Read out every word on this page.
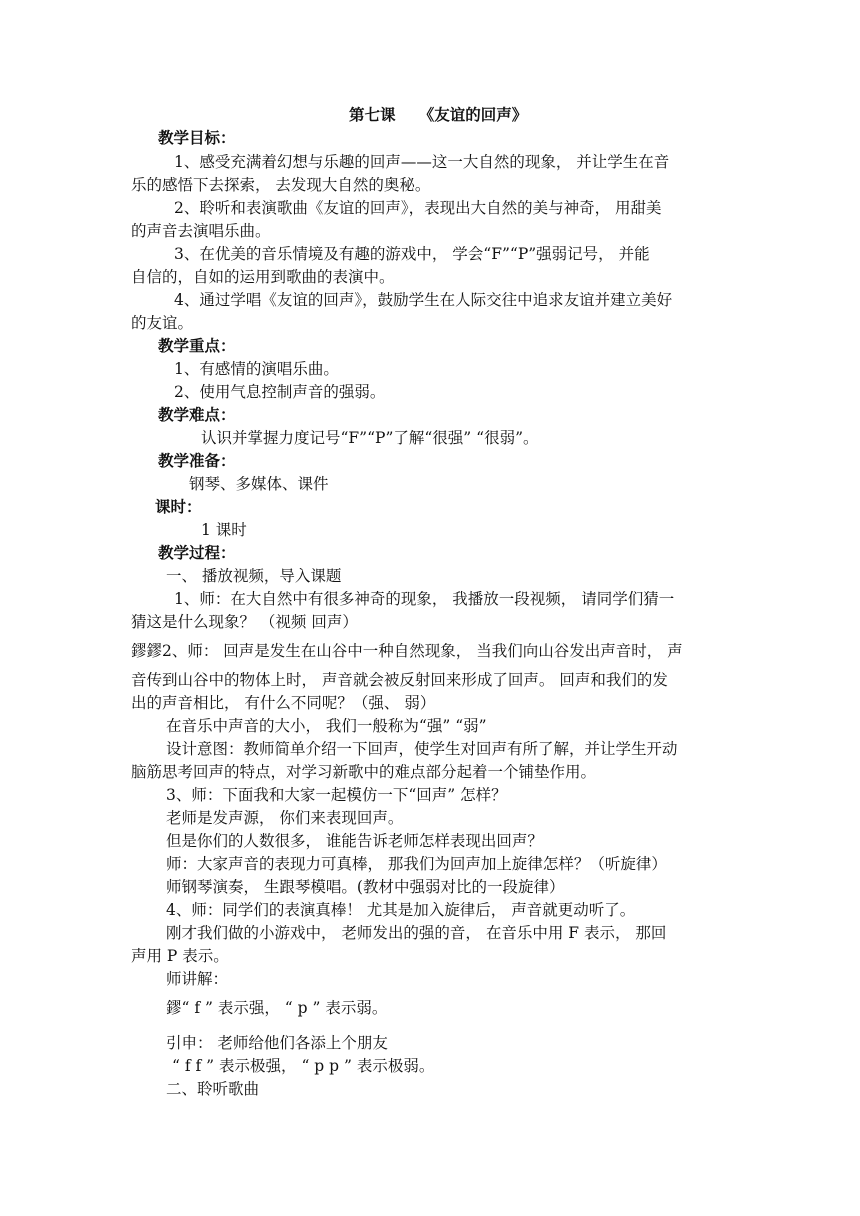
第七课　　《友谊的回声》
教学目标：
1、感受充满着幻想与乐趣的回声——这一大自然的现象， 并让学生在音
乐的感悟下去探索， 去发现大自然的奥秘。
2、聆听和表演歌曲《友谊的回声》，表现出大自然的美与神奇， 用甜美
的声音去演唱乐曲。
3、在优美的音乐情境及有趣的游戏中， 学会“F”“P”强弱记号， 并能
自信的，自如的运用到歌曲的表演中。
4、通过学唱《友谊的回声》，鼓励学生在人际交往中追求友谊并建立美好
的友谊。
教学重点：
1、有感情的演唱乐曲。
2、使用气息控制声音的强弱。
教学难点：
认识并掌握力度记号“F”“P”了解“很强” “很弱”。
教学准备：
钢琴、多媒体、课件
课时：
1 课时
教学过程：
一、 播放视频，导入课题
1、师：在大自然中有很多神奇的现象， 我播放一段视频， 请同学们猜一
猜这是什么现象？ （视频 回声）
鏐鏐2、师： 回声是发生在山谷中一种自然现象， 当我们向山谷发出声音时， 声
音传到山谷中的物体上时， 声音就会被反射回来形成了回声。 回声和我们的发
出的声音相比， 有什么不同呢？（强、 弱）
在音乐中声音的大小， 我们一般称为“强” “弱”
设计意图：教师简单介绍一下回声，使学生对回声有所了解，并让学生开动
脑筋思考回声的特点，对学习新歌中的难点部分起着一个铺垫作用。
3、师：下面我和大家一起模仿一下“回声” 怎样？
老师是发声源， 你们来表现回声。
但是你们的人数很多， 谁能告诉老师怎样表现出回声？
师：大家声音的表现力可真棒， 那我们为回声加上旋律怎样？（听旋律）
师钢琴演奏， 生跟琴模唱。(教材中强弱对比的一段旋律）
4、师：同学们的表演真棒！ 尤其是加入旋律后， 声音就更动听了。
刚才我们做的小游戏中， 老师发出的强的音， 在音乐中用 F 表示， 那回
声用 P 表示。
师讲解：
鏐“ f ” 表示强， “ p ” 表示弱。
引申： 老师给他们各添上个朋友
“ f f ” 表示极强， “ p p ” 表示极弱。
二、聆听歌曲
